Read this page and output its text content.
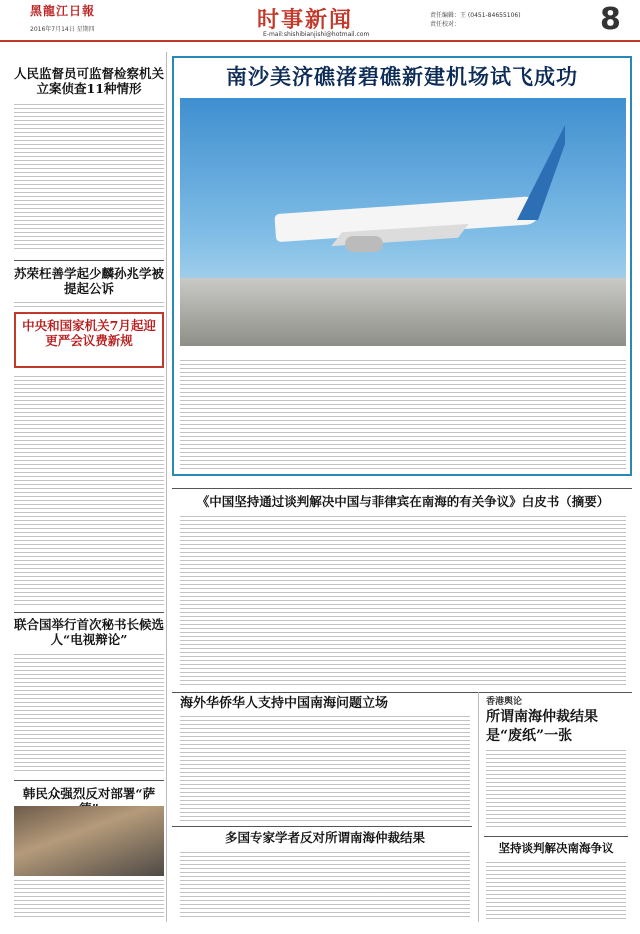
黑龍江日報
2016年7月14日 星期四	时事新闻
E-mail:shishibianjishi@hotmail.com
责任编辑：王 (0451-84655106)
责任校对：	8
人民监督员可监督检察机关立案侦查11种情形
苏荣枉善学起少麟孙兆学被提起公诉
中央和国家机关7月起迎更严会议费新规
联合国举行首次秘书长候选人“电视辩论”
韩民众强烈反对部署“萨
南沙美济礁渚碧礁新建机场试飞成功
《中国坚持通过谈判解决中国与菲律宾在南海的有关争议》白皮书（摘要）
海外华侨华人支持中国南海问题立场	香港舆论
所谓南海仲裁结果是“废纸”一张
多国专家学者反对所谓南海仲裁结果
坚持谈判解决南海争议
